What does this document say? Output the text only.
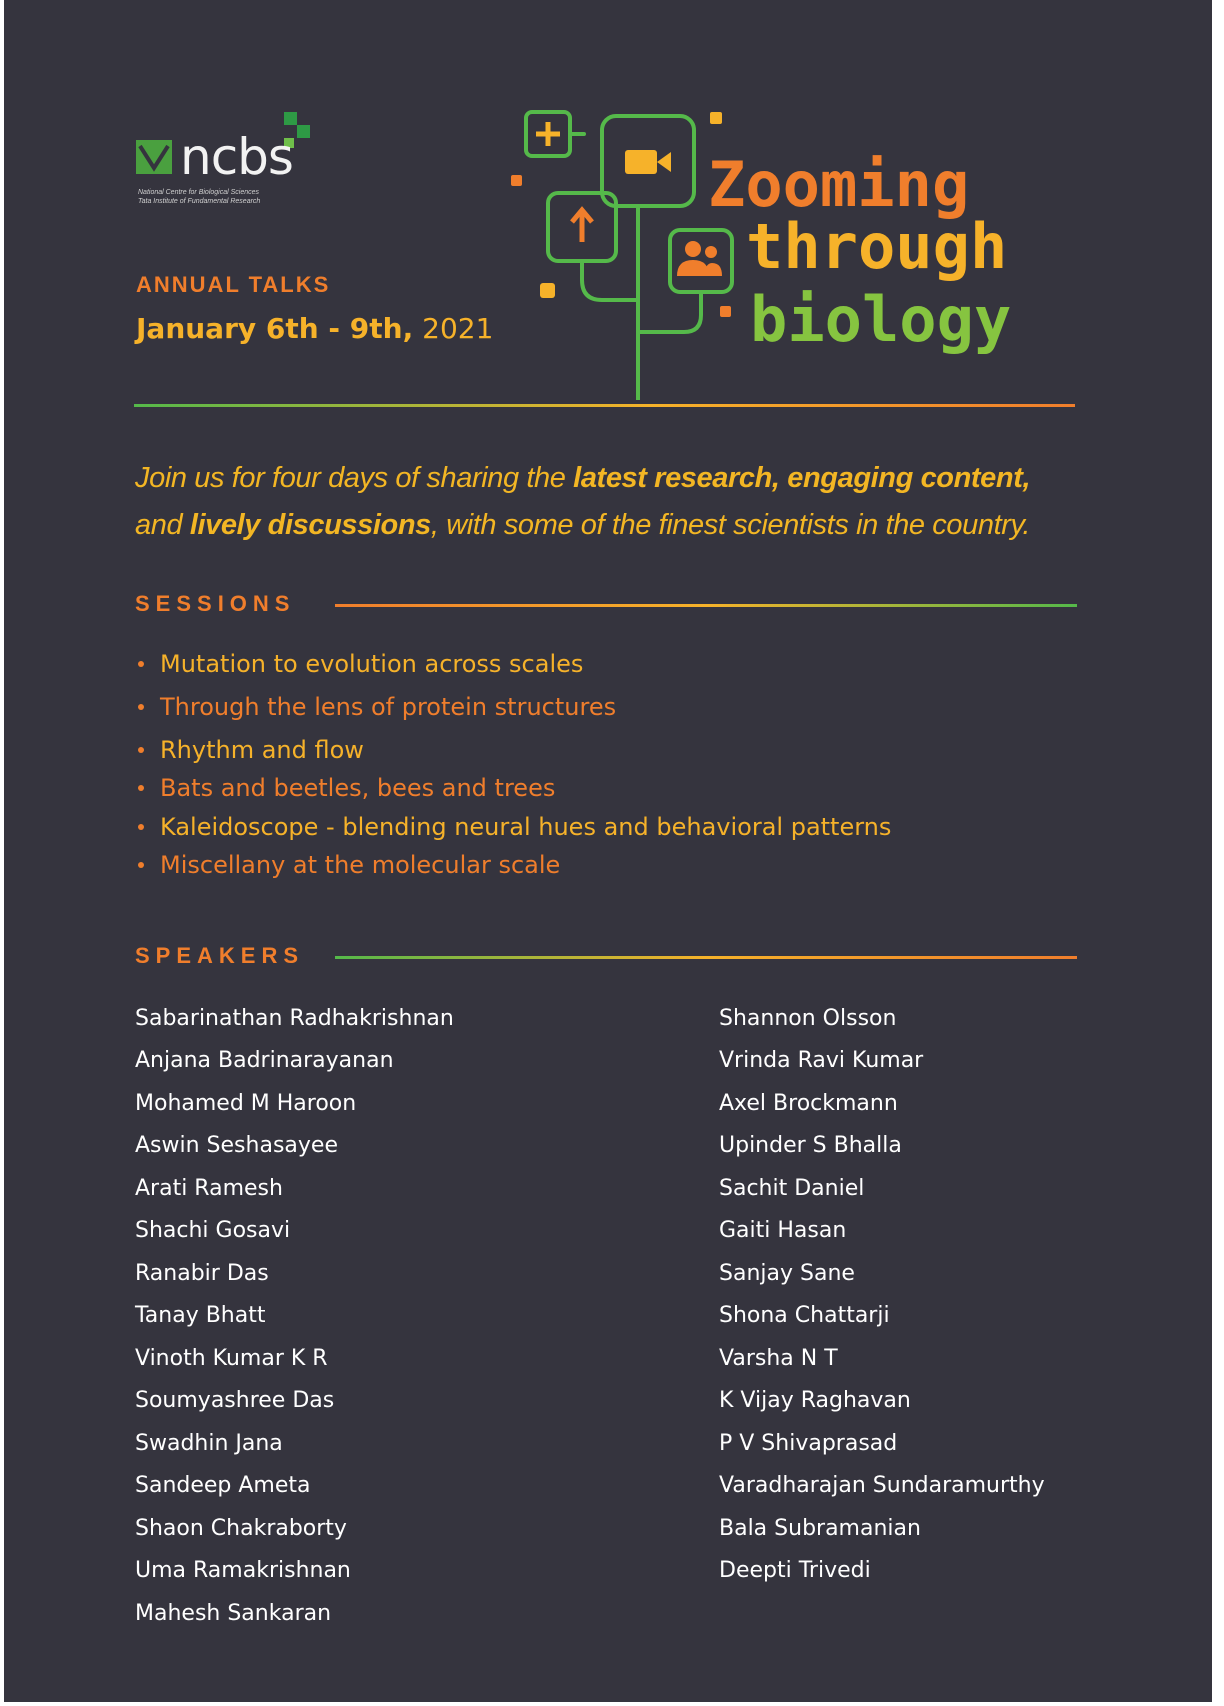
ncbs
National Centre for Biological Sciences
Tata Institute of Fundamental Research
ANNUAL TALKS
January 6th - 9th, 2021
Zooming
through
biology
Join us for four days of sharing the latest research, engaging content,
and lively discussions, with some of the finest scientists in the country.
SESSIONS
Mutation to evolution across scales
Through the lens of protein structures
Rhythm and flow
Bats and beetles, bees and trees
Kaleidoscope - blending neural hues and behavioral patterns
Miscellany at the molecular scale
SPEAKERS
Sabarinathan Radhakrishnan
Anjana Badrinarayanan
Mohamed M Haroon
Aswin Seshasayee
Arati Ramesh
Shachi Gosavi
Ranabir Das
Tanay Bhatt
Vinoth Kumar K R
Soumyashree Das
Swadhin Jana
Sandeep Ameta
Shaon Chakraborty
Uma Ramakrishnan
Mahesh Sankaran
Shannon Olsson
Vrinda Ravi Kumar
Axel Brockmann
Upinder S Bhalla
Sachit Daniel
Gaiti Hasan
Sanjay Sane
Shona Chattarji
Varsha N T
K Vijay Raghavan
P V Shivaprasad
Varadharajan Sundaramurthy
Bala Subramanian
Deepti Trivedi
